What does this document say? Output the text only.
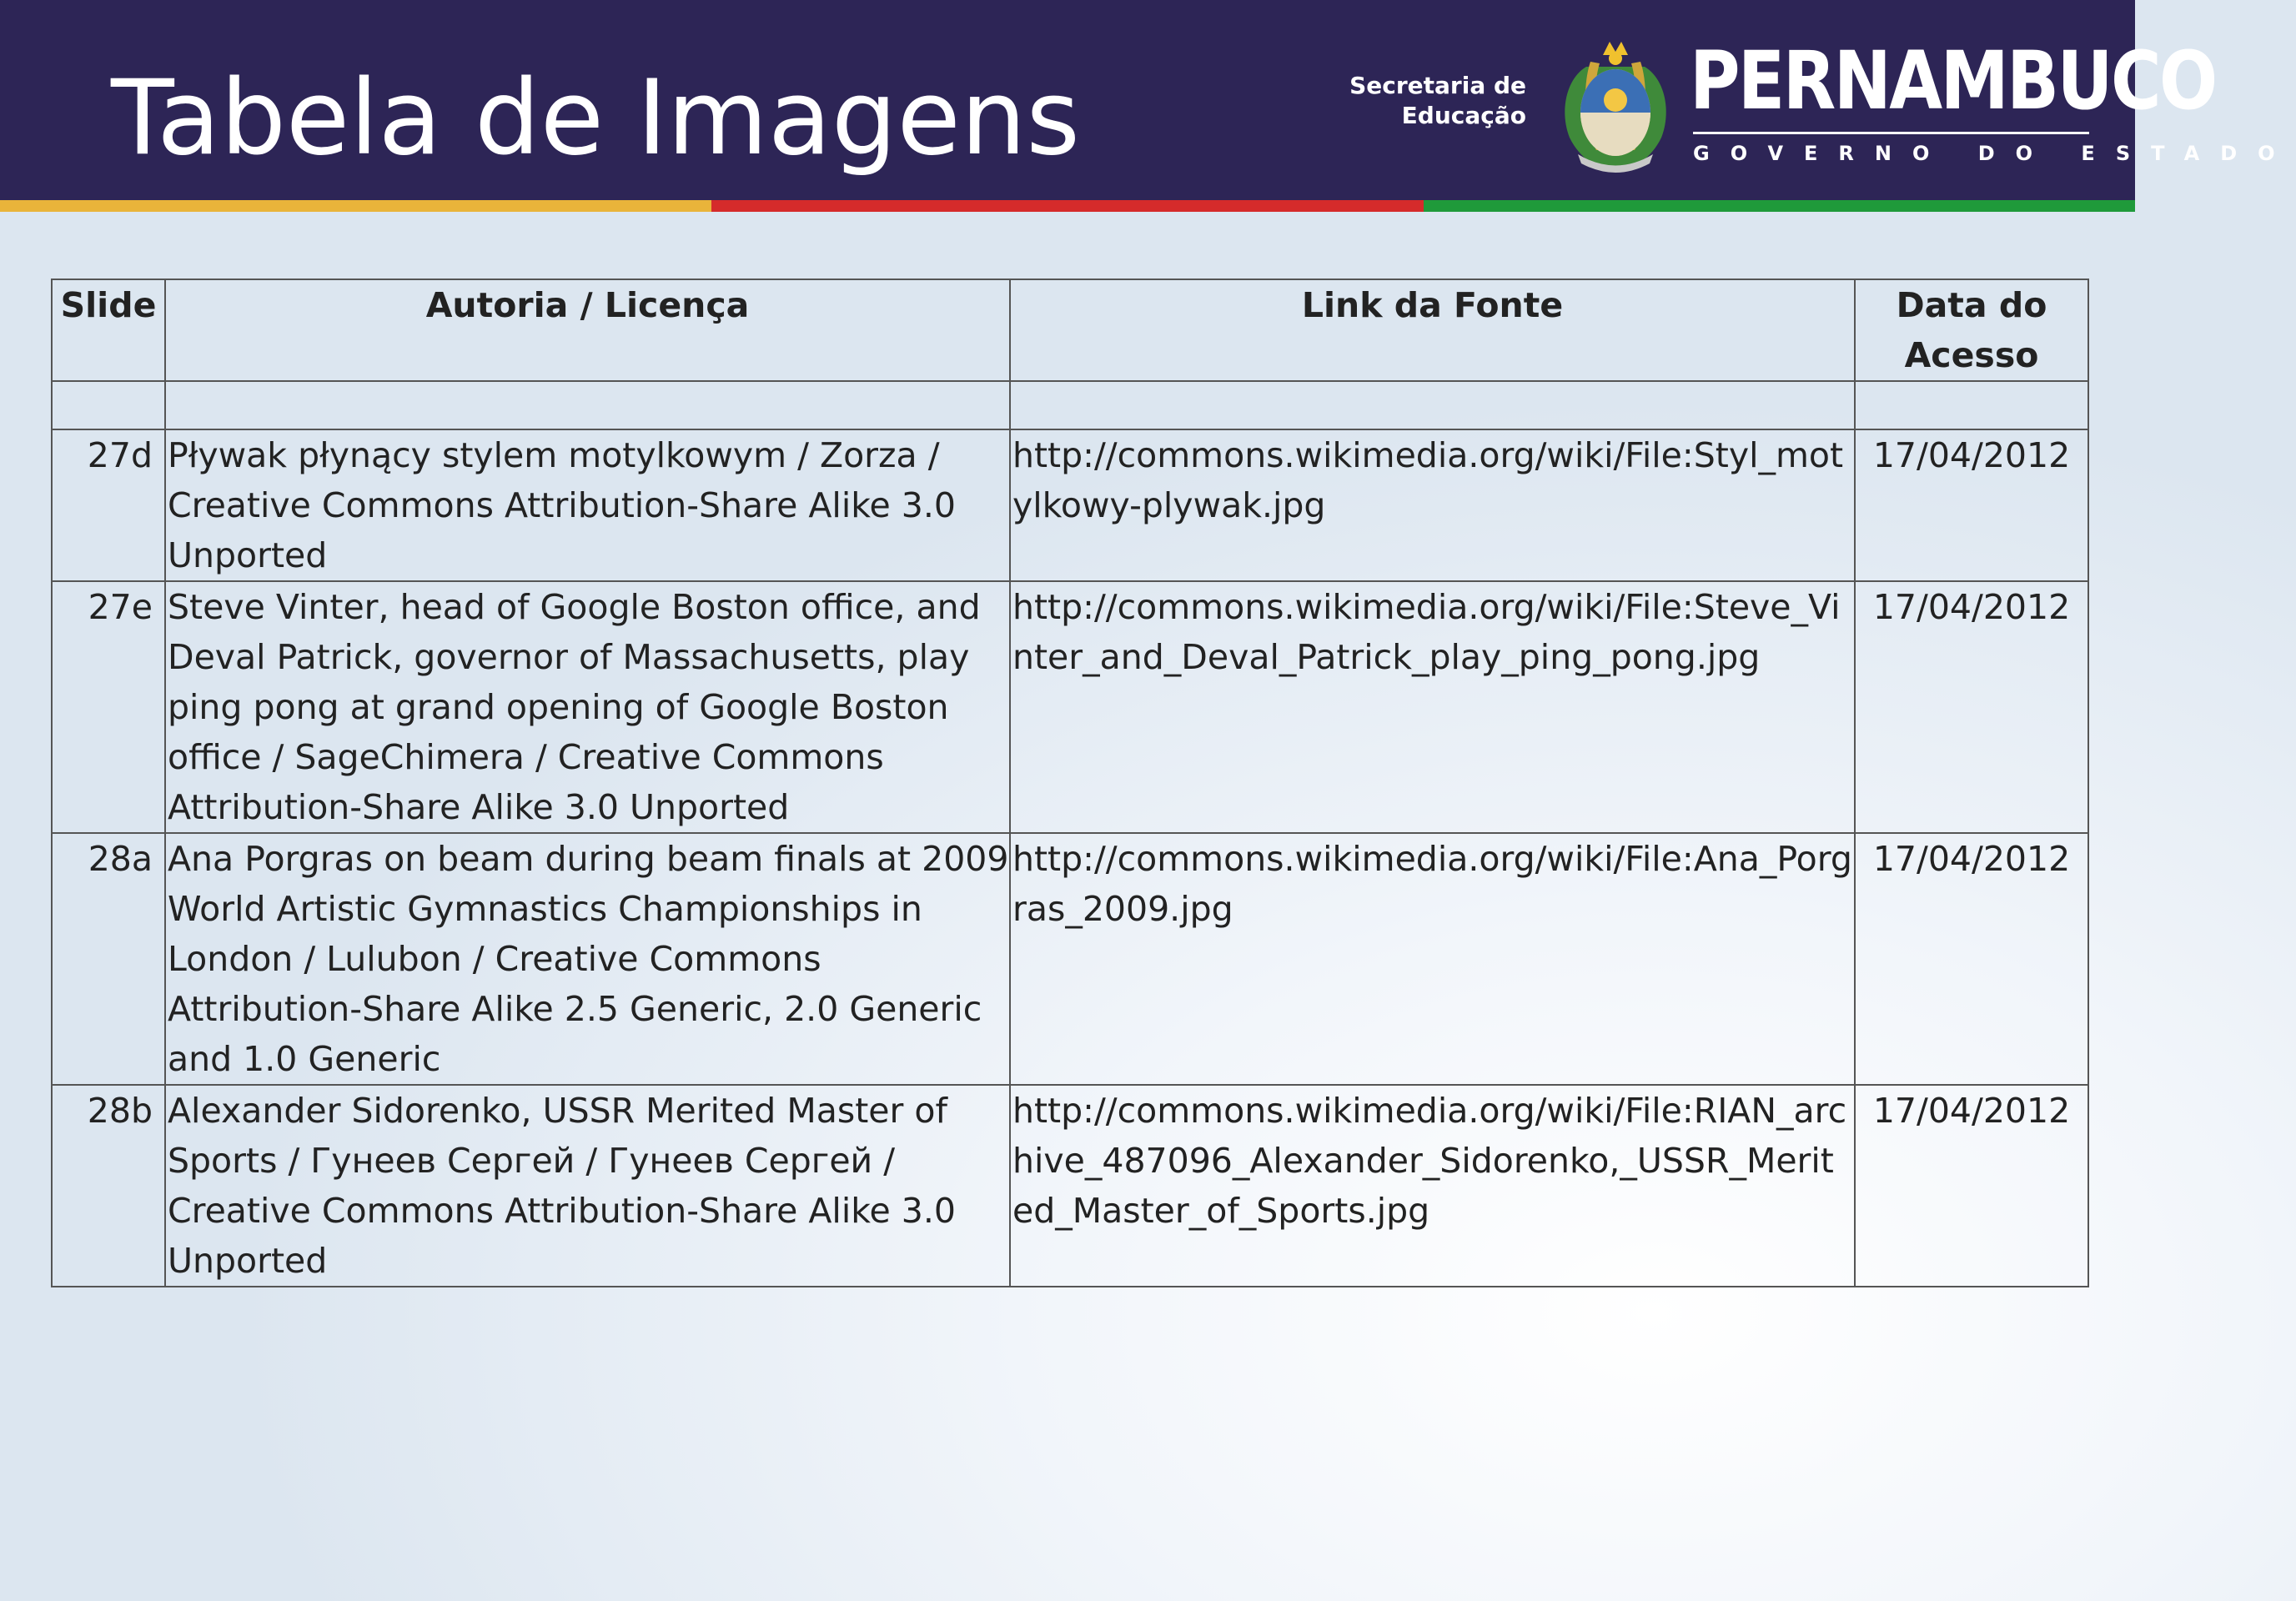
Tabela de Imagens	Secretaria de
Educação PERNAMBUCO
GOVERNO DO ESTADO
Slide	Autoria / Licença	Link da Fonte	Data do
Acesso

27d	Pływak płynący stylem motylkowym / Zorza / Creative Commons Attribution-Share Alike 3.0 Unported	http://commons.wikimedia.org/wiki/File:Styl_motylkowy-plywak.jpg	17/04/2012
27e	Steve Vinter, head of Google Boston office, and Deval Patrick, governor of Massachusetts, play ping pong at grand opening of Google Boston office / SageChimera / Creative Commons Attribution-Share Alike 3.0 Unported	http://commons.wikimedia.org/wiki/File:Steve_Vinter_and_Deval_Patrick_play_ping_pong.jpg	17/04/2012
28a	Ana Porgras on beam during beam finals at 2009 World Artistic Gymnastics Championships in London / Lulubon / Creative Commons Attribution-Share Alike 2.5 Generic, 2.0 Generic and 1.0 Generic	http://commons.wikimedia.org/wiki/File:Ana_Porgras_2009.jpg	17/04/2012
28b	Alexander Sidorenko, USSR Merited Master of Sports / Гунеев Сергей / Гунеев Сергей / Creative Commons Attribution-Share Alike 3.0 Unported	http://commons.wikimedia.org/wiki/File:RIAN_archive_487096_Alexander_Sidorenko,_USSR_Merited_Master_of_Sports.jpg	17/04/2012
